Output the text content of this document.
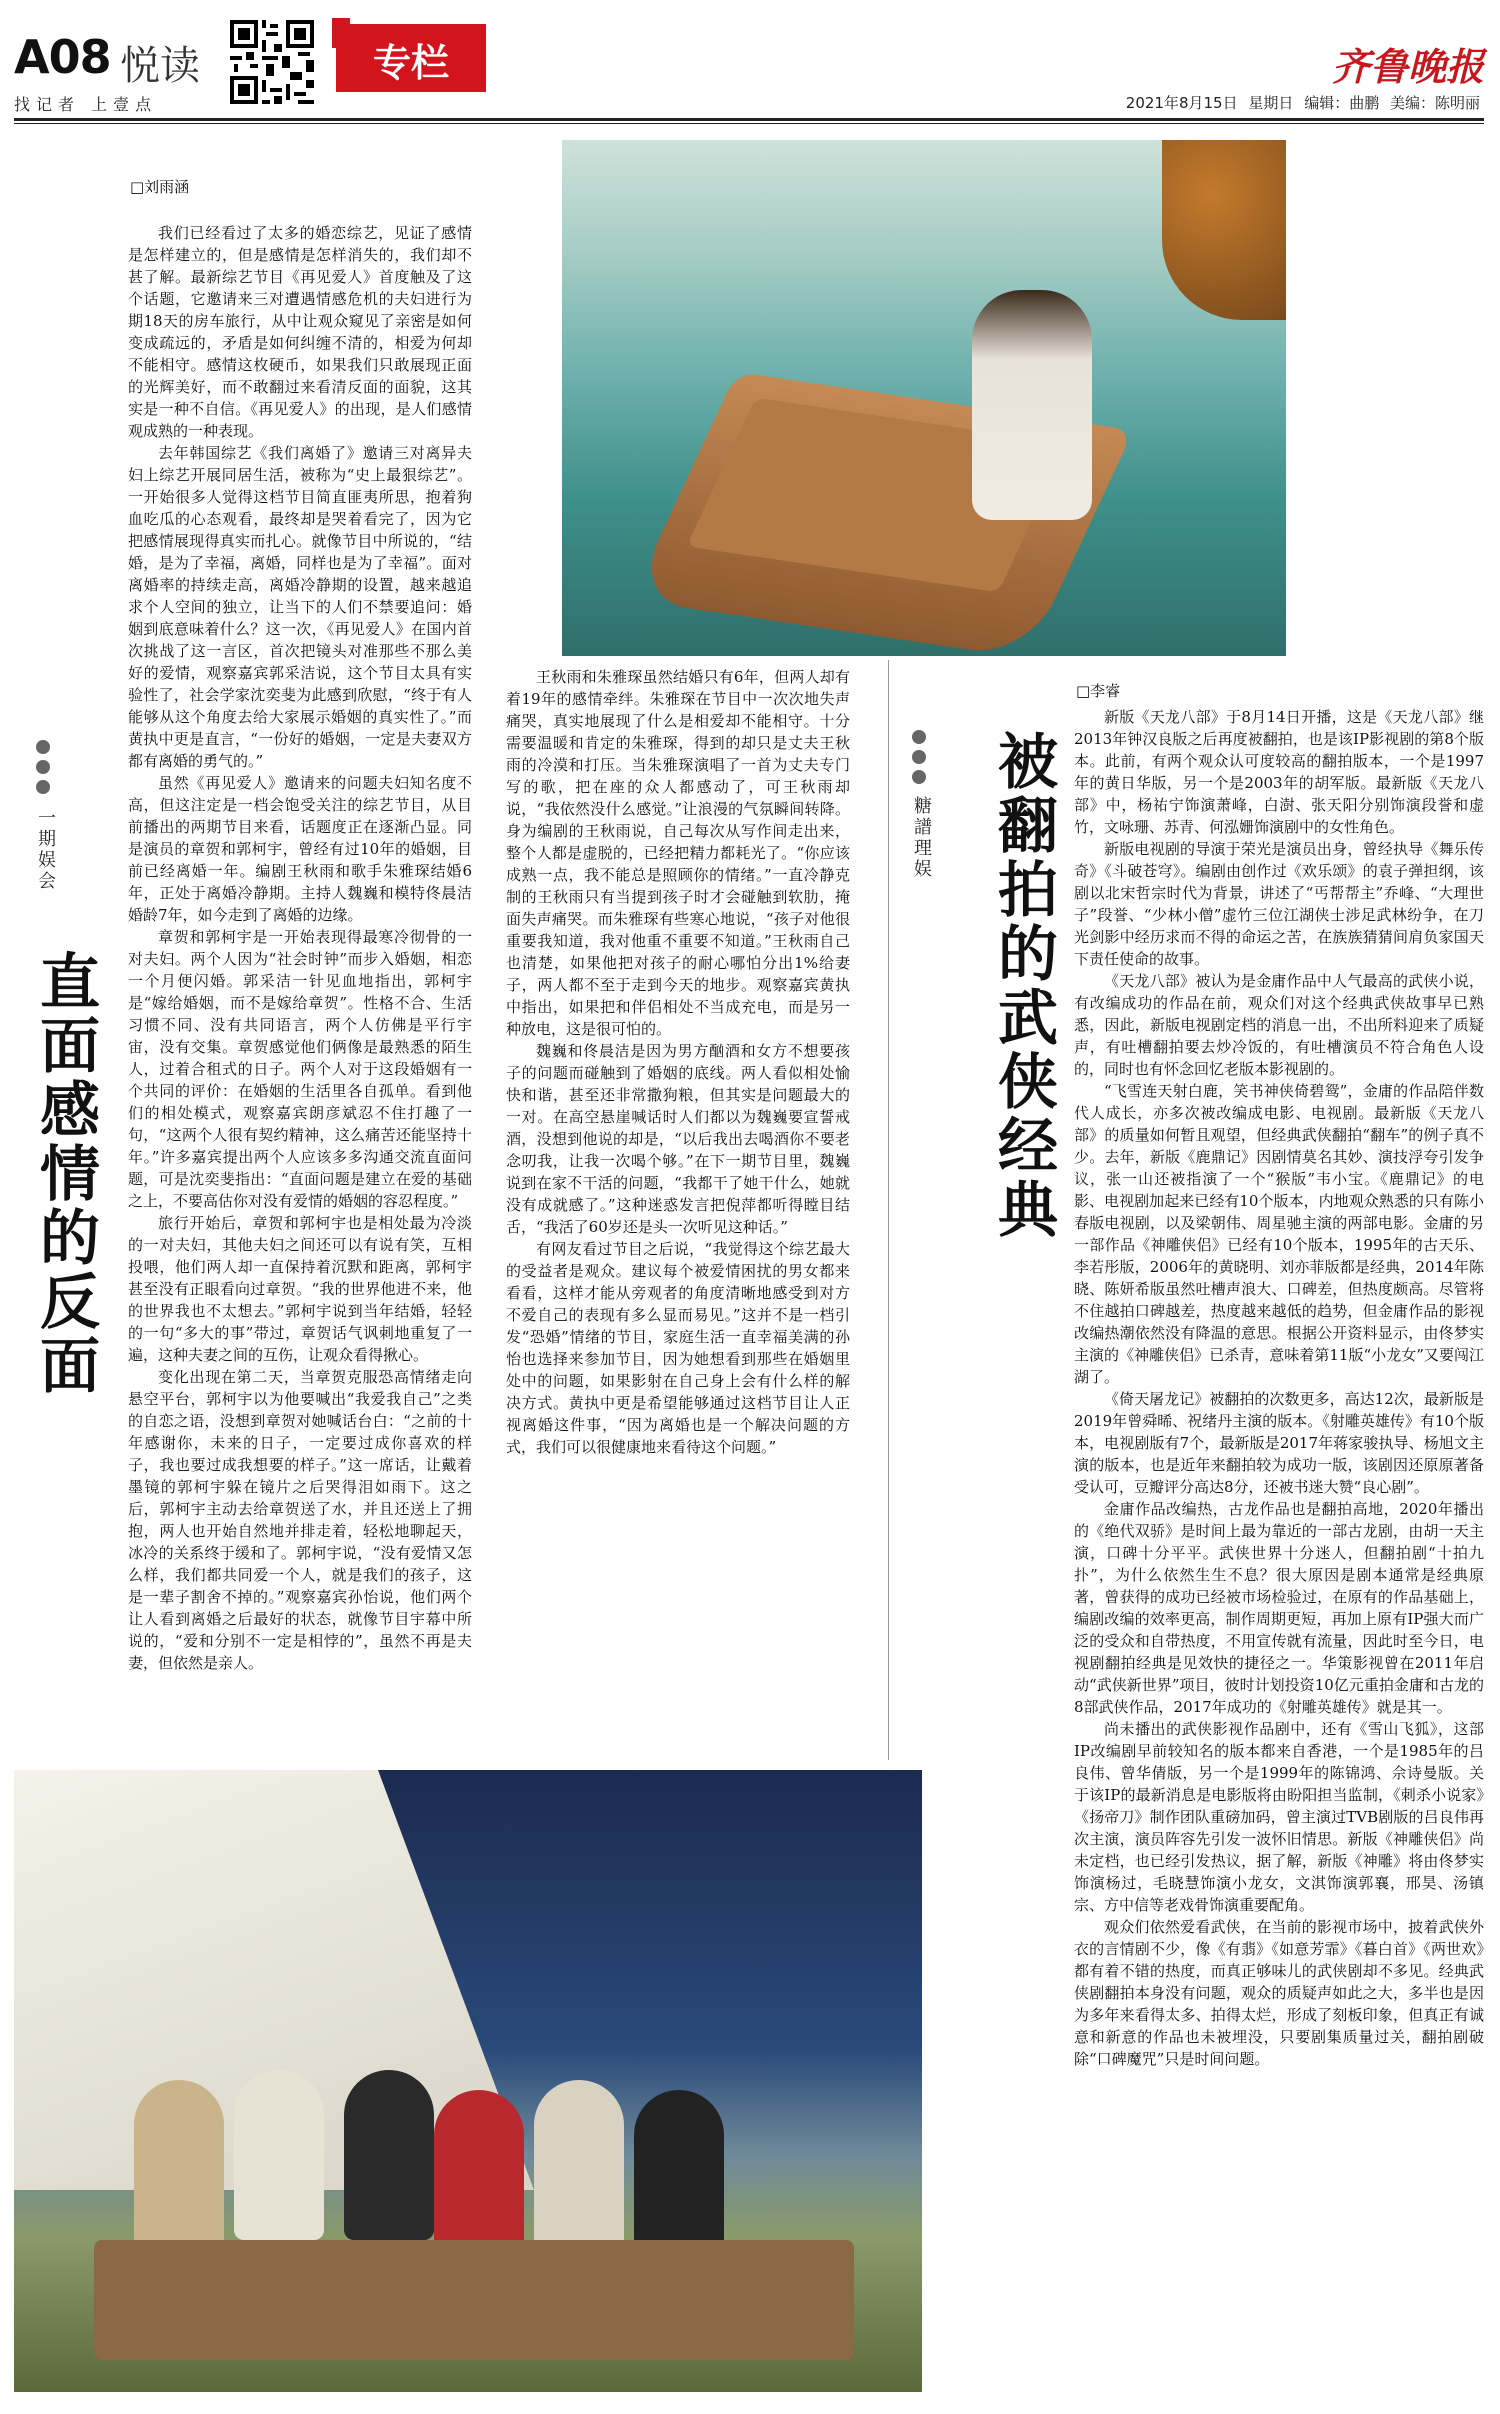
A08 悦读	专栏	齐鲁晚报
找记者 上壹点	2021年8月15日 星期日 编辑：曲鹏 美编：陈明丽
一期娱会
直面感情的反面
□刘雨涵

我们已经看过了太多的婚恋综艺，见证了感情是怎样建立的，但是感情是怎样消失的，我们却不甚了解。最新综艺节目《再见爱人》首度触及了这个话题，它邀请来三对遭遇情感危机的夫妇进行为期18天的房车旅行，从中让观众窥见了亲密是如何变成疏远的，矛盾是如何纠缠不清的，相爱为何却不能相守。感情这枚硬币，如果我们只敢展现正面的光辉美好，而不敢翻过来看清反面的面貌，这其实是一种不自信。《再见爱人》的出现，是人们感情观成熟的一种表现。

去年韩国综艺《我们离婚了》邀请三对离异夫妇上综艺开展同居生活，被称为“史上最狠综艺”。一开始很多人觉得这档节目简直匪夷所思，抱着狗血吃瓜的心态观看，最终却是哭着看完了，因为它把感情展现得真实而扎心。就像节目中所说的，“结婚，是为了幸福，离婚，同样也是为了幸福”。面对离婚率的持续走高，离婚冷静期的设置，越来越追求个人空间的独立，让当下的人们不禁要追问：婚姻到底意味着什么？这一次，《再见爱人》在国内首次挑战了这一言区，首次把镜头对准那些不那么美好的爱情，观察嘉宾郭采洁说，这个节目太具有实验性了，社会学家沈奕斐为此感到欣慰，“终于有人能够从这个角度去给大家展示婚姻的真实性了。”而黄执中更是直言，“一份好的婚姻，一定是夫妻双方都有离婚的勇气的。”

虽然《再见爱人》邀请来的问题夫妇知名度不高，但这注定是一档会饱受关注的综艺节目，从目前播出的两期节目来看，话题度正在逐渐凸显。同是演员的章贺和郭柯宇，曾经有过10年的婚姻，目前已经离婚一年。编剧王秋雨和歌手朱雅琛结婚6年，正处于离婚冷静期。主持人魏巍和模特佟晨洁婚龄7年，如今走到了离婚的边缘。

章贺和郭柯宇是一开始表现得最寒冷彻骨的一对夫妇。两个人因为“社会时钟”而步入婚姻，相恋一个月便闪婚。郭采洁一针见血地指出，郭柯宇是“嫁给婚姻，而不是嫁给章贺”。性格不合、生活习惯不同、没有共同语言，两个人仿佛是平行宇宙，没有交集。章贺感觉他们俩像是最熟悉的陌生人，过着合租式的日子。两个人对于这段婚姻有一个共同的评价：在婚姻的生活里各自孤单。看到他们的相处模式，观察嘉宾朗彦斌忍不住打趣了一句，“这两个人很有契约精神，这么痛苦还能坚持十年。”许多嘉宾提出两个人应该多多沟通交流直面问题，可是沈奕斐指出：“直面问题是建立在爱的基础之上，不要高估你对没有爱情的婚姻的容忍程度。”

旅行开始后，章贺和郭柯宇也是相处最为冷淡的一对夫妇，其他夫妇之间还可以有说有笑，互相投喂，他们两人却一直保持着沉默和距离，郭柯宇甚至没有正眼看向过章贺。“我的世界他进不来，他的世界我也不太想去。”郭柯宇说到当年结婚，轻轻的一句“多大的事”带过，章贺话气讽刺地重复了一遍，这种夫妻之间的互伤，让观众看得揪心。

变化出现在第二天，当章贺克服恐高情绪走向悬空平台，郭柯宇以为他要喊出“我爱我自己”之类的自恋之语，没想到章贺对她喊话台白：“之前的十年感谢你，未来的日子，一定要过成你喜欢的样子，我也要过成我想要的样子。”这一席话，让戴着墨镜的郭柯宇躲在镜片之后哭得泪如雨下。这之后，郭柯宇主动去给章贺送了水，并且还送上了拥抱，两人也开始自然地并排走着，轻松地聊起天，冰冷的关系终于缓和了。郭柯宇说，“没有爱情又怎么样，我们都共同爱一个人，就是我们的孩子，这是一辈子割舍不掉的。”观察嘉宾孙怡说，他们两个让人看到离婚之后最好的状态，就像节目宇幕中所说的，“爱和分别不一定是相悖的”，虽然不再是夫妻，但依然是亲人。

王秋雨和朱雅琛虽然结婚只有6年，但两人却有着19年的感情牵绊。朱雅琛在节目中一次次地失声痛哭，真实地展现了什么是相爱却不能相守。十分需要温暖和肯定的朱雅琛，得到的却只是丈夫王秋雨的冷漠和打压。当朱雅琛演唱了一首为丈夫专门写的歌，把在座的众人都感动了，可王秋雨却说，“我依然没什么感觉。”让浪漫的气氛瞬间转降。身为编剧的王秋雨说，自己每次从写作间走出来，整个人都是虚脱的，已经把精力都耗光了。“你应该成熟一点，我不能总是照顾你的情绪。”一直冷静克制的王秋雨只有当提到孩子时才会碰触到软肋，掩面失声痛哭。而朱雅琛有些寒心地说，“孩子对他很重要我知道，我对他重不重要不知道。”王秋雨自己也清楚，如果他把对孩子的耐心哪怕分出1%给妻子，两人都不至于走到今天的地步。观察嘉宾黄执中指出，如果把和伴侣相处不当成充电，而是另一种放电，这是很可怕的。

魏巍和佟晨洁是因为男方酗酒和女方不想要孩子的问题而碰触到了婚姻的底线。两人看似相处愉快和谐，甚至还非常撒狗粮，但其实是问题最大的一对。在高空悬崖喊话时人们都以为魏巍要宣誓戒酒，没想到他说的却是，“以后我出去喝酒你不要老念叨我，让我一次喝个够。”在下一期节目里，魏巍说到在家不干活的问题，“我都干了她干什么，她就没有成就感了。”这种迷惑发言把倪萍都听得瞠目结舌，“我活了60岁还是头一次听见这种话。”

有网友看过节目之后说，“我觉得这个综艺最大的受益者是观众。建议每个被爱情困扰的男女都来看看，这样才能从旁观者的角度清晰地感受到对方不爱自己的表现有多么显而易见。”这并不是一档引发“恐婚”情绪的节目，家庭生活一直幸福美满的孙怡也选择来参加节目，因为她想看到那些在婚姻里处中的问题，如果影射在自己身上会有什么样的解决方式。黄执中更是希望能够通过这档节目让人正视离婚这件事，“因为离婚也是一个解决问题的方式，我们可以很健康地来看待这个问题。”

糖譜理娱 被翻拍的武侠经典
□李睿

新版《天龙八部》于8月14日开播，这是《天龙八部》继2013年钟汉良版之后再度被翻拍，也是该IP影视剧的第8个版本。此前，有两个观众认可度较高的翻拍版本，一个是1997年的黄日华版，另一个是2003年的胡军版。最新版《天龙八部》中，杨祐宁饰演萧峰，白澍、张天阳分别饰演段誉和虚竹，文咏珊、苏青、何泓姗饰演剧中的女性角色。

新版电视剧的导演于荣光是演员出身，曾经执导《舞乐传奇》《斗破苍穹》。编剧由创作过《欢乐颂》的袁子弹担纲，该剧以北宋哲宗时代为背景，讲述了“丐帮帮主”乔峰、“大理世子”段誉、“少林小僧”虚竹三位江湖侠士涉足武林纷争，在刀光剑影中经历求而不得的命运之苦，在族族猜猜间肩负家国天下责任使命的故事。

《天龙八部》被认为是金庸作品中人气最高的武侠小说，有改编成功的作品在前，观众们对这个经典武侠故事早已熟悉，因此，新版电视剧定档的消息一出，不出所料迎来了质疑声，有吐槽翻拍要去炒冷饭的，有吐槽演员不符合角色人设的，同时也有怀念回忆老版本影视剧的。

“飞雪连天射白鹿，笑书神侠倚碧鸳”，金庸的作品陪伴数代人成长，亦多次被改编成电影、电视剧。最新版《天龙八部》的质量如何暂且观望，但经典武侠翻拍“翻车”的例子真不少。去年，新版《鹿鼎记》因剧情莫名其妙、演技浮夸引发争议，张一山还被指演了一个“猴版”韦小宝。《鹿鼎记》的电影、电视剧加起来已经有10个版本，内地观众熟悉的只有陈小春版电视剧，以及梁朝伟、周星驰主演的两部电影。金庸的另一部作品《神雕侠侣》已经有10个版本，1995年的古天乐、李若彤版，2006年的黄晓明、刘亦菲版都是经典，2014年陈晓、陈妍希版虽然吐槽声浪大、口碑差，但热度颇高。尽管将不住越拍口碑越差，热度越来越低的趋势，但金庸作品的影视改编热潮依然没有降温的意思。根据公开资料显示，由佟梦实主演的《神雕侠侣》已杀青，意味着第11版“小龙女”又要闯江湖了。

《倚天屠龙记》被翻拍的次数更多，高达12次，最新版是2019年曾舜晞、祝绪丹主演的版本。《射雕英雄传》有10个版本，电视剧版有7个，最新版是2017年蒋家骏执导、杨旭文主演的版本，也是近年来翻拍较为成功一版，该剧因还原原著备受认可，豆瓣评分高达8分，还被书迷大赞“良心剧”。

金庸作品改编热，古龙作品也是翻拍高地，2020年播出的《绝代双骄》是时间上最为靠近的一部古龙剧，由胡一天主演，口碑十分平平。武侠世界十分迷人，但翻拍剧“十拍九扑”，为什么依然生生不息？很大原因是剧本通常是经典原著，曾获得的成功已经被市场检验过，在原有的作品基础上，编剧改编的效率更高，制作周期更短，再加上原有IP强大而广泛的受众和自带热度，不用宣传就有流量，因此时至今日，电视剧翻拍经典是见效快的捷径之一。华策影视曾在2011年启动“武侠新世界”项目，彼时计划投资10亿元重拍金庸和古龙的8部武侠作品，2017年成功的《射雕英雄传》就是其一。

尚未播出的武侠影视作品剧中，还有《雪山飞狐》，这部IP改编剧早前较知名的版本都来自香港，一个是1985年的吕良伟、曾华倩版，另一个是1999年的陈锦鸿、佘诗曼版。关于该IP的最新消息是电影版将由盼阳担当监制，《刺杀小说家》《扬帝刀》制作团队重磅加码，曾主演过TVB剧版的吕良伟再次主演，演员阵容先引发一波怀旧情思。新版《神雕侠侣》尚未定档，也已经引发热议，据了解，新版《神雕》将由佟梦实饰演杨过，毛晓慧饰演小龙女，文淇饰演郭襄，邢昊、汤镇宗、方中信等老戏骨饰演重要配角。

观众们依然爱看武侠，在当前的影视市场中，披着武侠外衣的言情剧不少，像《有翡》《如意芳霏》《暮白首》《两世欢》都有着不错的热度，而真正够味儿的武侠剧却不多见。经典武侠剧翻拍本身没有问题，观众的质疑声如此之大，多半也是因为多年来看得太多、拍得太烂，形成了刻板印象，但真正有诚意和新意的作品也未被埋没，只要剧集质量过关，翻拍剧破除“口碑魔咒”只是时间问题。
